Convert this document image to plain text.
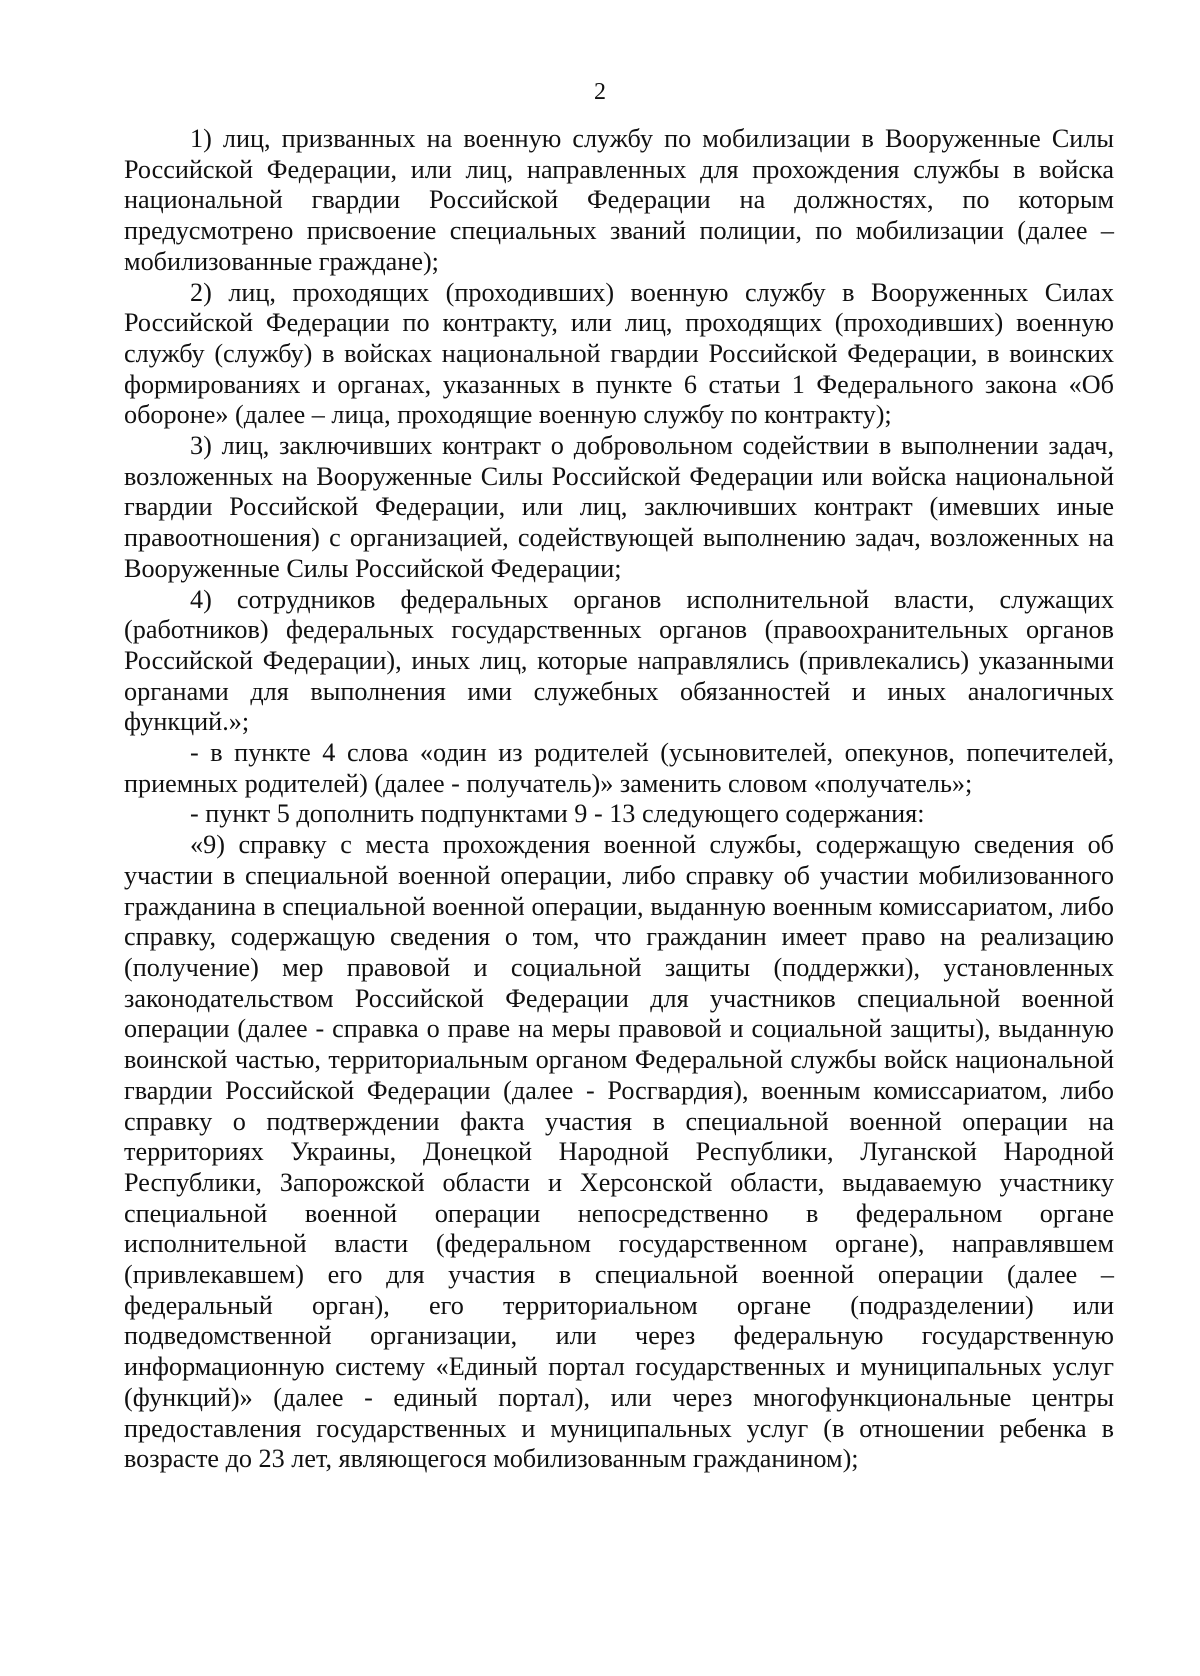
2

1) лиц, призванных на военную службу по мобилизации в Вооруженные Силы Российской Федерации, или лиц, направленных для прохождения службы в войска национальной гвардии Российской Федерации на должностях, по которым предусмотрено присвоение специальных званий полиции, по мобилизации (далее – мобилизованные граждане);

2) лиц, проходящих (проходивших) военную службу в Вооруженных Силах Российской Федерации по контракту, или лиц, проходящих (проходивших) военную службу (службу) в войсках национальной гвардии Российской Федерации, в воинских формированиях и органах, указанных в пункте 6 статьи 1 Федерального закона «Об обороне» (далее – лица, проходящие военную службу по контракту);

3) лиц, заключивших контракт о добровольном содействии в выполнении задач, возложенных на Вооруженные Силы Российской Федерации или войска национальной гвардии Российской Федерации, или лиц, заключивших контракт (имевших иные правоотношения) с организацией, содействующей выполнению задач, возложенных на Вооруженные Силы Российской Федерации;

4) сотрудников федеральных органов исполнительной власти, служащих (работников) федеральных государственных органов (правоохранительных органов Российской Федерации), иных лиц, которые направлялись (привлекались) указанными органами для выполнения ими служебных обязанностей и иных аналогичных функций.»;

- в пункте 4 слова «один из родителей (усыновителей, опекунов, попечителей, приемных родителей) (далее - получатель)» заменить словом «получатель»;

- пункт 5 дополнить подпунктами 9 - 13 следующего содержания:

«9) справку с места прохождения военной службы, содержащую сведения об участии в специальной военной операции, либо справку об участии мобилизованного гражданина в специальной военной операции, выданную военным комиссариатом, либо справку, содержащую сведения о том, что гражданин имеет право на реализацию (получение) мер правовой и социальной защиты (поддержки), установленных законодательством Российской Федерации для участников специальной военной операции (далее - справка о праве на меры правовой и социальной защиты), выданную воинской частью, территориальным органом Федеральной службы войск национальной гвардии Российской Федерации (далее - Росгвардия), военным комиссариатом, либо справку о подтверждении факта участия в специальной военной операции на территориях Украины, Донецкой Народной Республики, Луганской Народной Республики, Запорожской области и Херсонской области, выдаваемую участнику специальной военной операции непосредственно в федеральном органе исполнительной власти (федеральном государственном органе), направлявшем (привлекавшем) его для участия в специальной военной операции (далее – федеральный орган), его территориальном органе (подразделении) или подведомственной организации, или через федеральную государственную информационную систему «Единый портал государственных и муниципальных услуг (функций)» (далее - единый портал), или через многофункциональные центры предоставления государственных и муниципальных услуг (в отношении ребенка в возрасте до 23 лет, являющегося мобилизованным гражданином);
